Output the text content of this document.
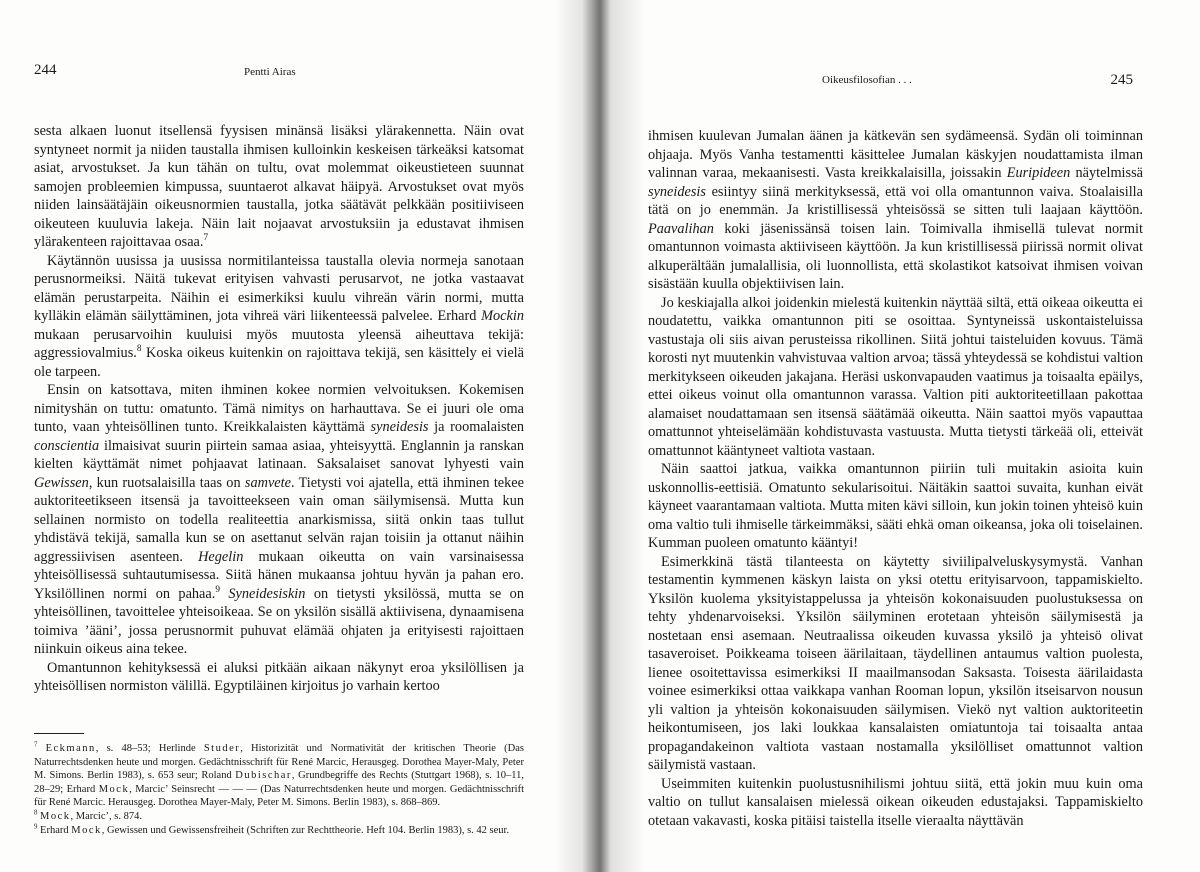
244	Pentti Airas

sesta alkaen luonut itsellensä fyysisen minänsä lisäksi ylärakennetta. Näin ovat syntyneet normit ja niiden taustalla ihmisen kulloinkin keskeisen tärkeäksi katsomat asiat, arvostukset. Ja kun tähän on tultu, ovat molemmat oikeustieteen suunnat samojen probleemien kimpussa, suuntaerot alkavat häipyä. Arvostukset ovat myös niiden lainsäätäjäin oikeusnormien taustalla, jotka säätävät pelkkään positiiviseen oikeuteen kuuluvia lakeja. Näin lait nojaavat arvostuksiin ja edustavat ihmisen ylärakenteen rajoittavaa osaa.$^7$

Käytännön uusissa ja uusissa normitilanteissa taustalla olevia normeja sanotaan perusnormeiksi. Näitä tukevat erityisen vahvasti perusarvot, ne jotka vastaavat elämän perustarpeita. Näihin ei esimerkiksi kuulu vihreän värin normi, mutta kylläkin elämän säilyttäminen, jota vihreä väri liikenteessä palvelee. Erhard Mockin mukaan perusarvoihin kuuluisi myös muutosta yleensä aiheuttava tekijä: aggressiovalmius.$^8$ Koska oikeus kuitenkin on rajoittava tekijä, sen käsittely ei vielä ole tarpeen.

Ensin on katsottava, miten ihminen kokee normien velvoituksen. Kokemisen nimityshän on tuttu: omatunto. Tämä nimitys on harhauttava. Se ei juuri ole oma tunto, vaan yhteisöllinen tunto. Kreikkalaisten käyttämä syneidesis ja roomalaisten conscientia ilmaisivat suurin piirtein samaa asiaa, yhteisyyttä. Englannin ja ranskan kielten käyttämät nimet pohjaavat latinaan. Saksalaiset sanovat lyhyesti vain Gewissen, kun ruotsalaisilla taas on samvete. Tietysti voi ajatella, että ihminen tekee auktoriteetikseen itsensä ja tavoitteekseen vain oman säilymisensä. Mutta kun sellainen normisto on todella realiteettia anarkismissa, siitä onkin taas tullut yhdistävä tekijä, samalla kun se on asettanut selvän rajan toisiin ja ottanut näihin aggressiivisen asenteen. Hegelin mukaan oikeutta on vain varsinaisessa yhteisöllisessä suhtautumisessa. Siitä hänen mukaansa johtuu hyvän ja pahan ero. Yksilöllinen normi on pahaa.$^9$ Syneidesiskin on tietysti yksilössä, mutta se on yhteisöllinen, tavoittelee yhteisoikeaa. Se on yksilön sisällä aktiivisena, dynaamisena toimiva ’ääni’, jossa perusnormit puhuvat elämää ohjaten ja erityisesti rajoittaen niinkuin oikeus aina tekee.

Omantunnon kehityksessä ei aluksi pitkään aikaan näkynyt eroa yksilöllisen ja yhteisöllisen normiston välillä. Egyptiläinen kirjoitus jo varhain kertoo

$^7$ Eckmann, s. 48–53; Herlinde Studer, Historizität und Normativität der kritischen Theorie (Das Naturrechtsdenken heute und morgen. Gedächtnisschrift für René Marcic, Herausgeg. Dorothea Mayer-Maly, Peter M. Simons. Berlin 1983), s. 653 seur; Roland Dubischar, Grundbegriffe des Rechts (Stuttgart 1968), s. 10–11, 28–29; Erhard Mock, Marcic’ Seinsrecht — — — (Das Naturrechtsdenken heute und morgen. Gedächtnisschrift für René Marcic. Herausgeg. Dorothea Mayer-Maly, Peter M. Simons. Berlin 1983), s. 868–869.

$^8$ Mock, Marcic’, s. 874.

$^9$ Erhard Mock, Gewissen und Gewissensfreiheit (Schriften zur Rechttheorie. Heft 104. Berlin 1983), s. 42 seur.

Oikeusfilosofian . . .	245

ihmisen kuulevan Jumalan äänen ja kätkevän sen sydämeensä. Sydän oli toiminnan ohjaaja. Myös Vanha testamentti käsittelee Jumalan käskyjen noudattamista ilman valinnan varaa, mekaanisesti. Vasta kreikkalaisilla, joissakin Euripideen näytelmissä syneidesis esiintyy siinä merkityksessä, että voi olla omantunnon vaiva. Stoalaisilla tätä on jo enemmän. Ja kristillisessä yhteisössä se sitten tuli laajaan käyttöön. Paavalihan koki jäsenissänsä toisen lain. Toimivalla ihmisellä tulevat normit omantunnon voimasta aktiiviseen käyttöön. Ja kun kristillisessä piirissä normit olivat alkuperältään jumalallisia, oli luonnollista, että skolastikot katsoivat ihmisen voivan sisästään kuulla objektiivisen lain.

Jo keskiajalla alkoi joidenkin mielestä kuitenkin näyttää siltä, että oikeaa oikeutta ei noudatettu, vaikka omantunnon piti se osoittaa. Syntyneissä uskontaisteluissa vastustaja oli siis aivan perusteissa rikollinen. Siitä johtui taisteluiden kovuus. Tämä korosti nyt muutenkin vahvistuvaa valtion arvoa; tässä yhteydessä se kohdistui valtion merkitykseen oikeuden jakajana. Heräsi uskonvapauden vaatimus ja toisaalta epäilys, ettei oikeus voinut olla omantunnon varassa. Valtion piti auktoriteetillaan pakottaa alamaiset noudattamaan sen itsensä säätämää oikeutta. Näin saattoi myös vapauttaa omattunnot yhteiselämään kohdistuvasta vastuusta. Mutta tietysti tärkeää oli, etteivät omattunnot kääntyneet valtiota vastaan.

Näin saattoi jatkua, vaikka omantunnon piiriin tuli muitakin asioita kuin uskonnollis-eettisiä. Omatunto sekularisoitui. Näitäkin saattoi suvaita, kunhan eivät käyneet vaarantamaan valtiota. Mutta miten kävi silloin, kun jokin toinen yhteisö kuin oma valtio tuli ihmiselle tärkeimmäksi, sääti ehkä oman oikeansa, joka oli toiselainen. Kumman puoleen omatunto kääntyi!

Esimerkkinä tästä tilanteesta on käytetty siviilipalveluskysymystä. Vanhan testamentin kymmenen käskyn laista on yksi otettu erityisarvoon, tappamiskielto. Yksilön kuolema yksityistappelussa ja yhteisön kokonaisuuden puolustuksessa on tehty yhdenarvoiseksi. Yksilön säilyminen erotetaan yhteisön säilymisestä ja nostetaan ensi asemaan. Neutraalissa oikeuden kuvassa yksilö ja yhteisö olivat tasaveroiset. Poikkeama toiseen äärilaitaan, täydellinen antaumus valtion puolesta, lienee osoitettavissa esimerkiksi II maailmansodan Saksasta. Toisesta äärilaidasta voinee esimerkiksi ottaa vaikkapa vanhan Rooman lopun, yksilön itseisarvon nousun yli valtion ja yhteisön kokonaisuuden säilymisen. Viekö nyt valtion auktoriteetin heikontumiseen, jos laki loukkaa kansalaisten omiatuntoja tai toisaalta antaa propagandakeinon valtiota vastaan nostamalla yksilölliset omattunnot valtion säilymistä vastaan.

Useimmiten kuitenkin puolustusnihilismi johtuu siitä, että jokin muu kuin oma valtio on tullut kansalaisen mielessä oikean oikeuden edustajaksi. Tappamiskielto otetaan vakavasti, koska pitäisi taistella itselle vieraalta näyttävän
